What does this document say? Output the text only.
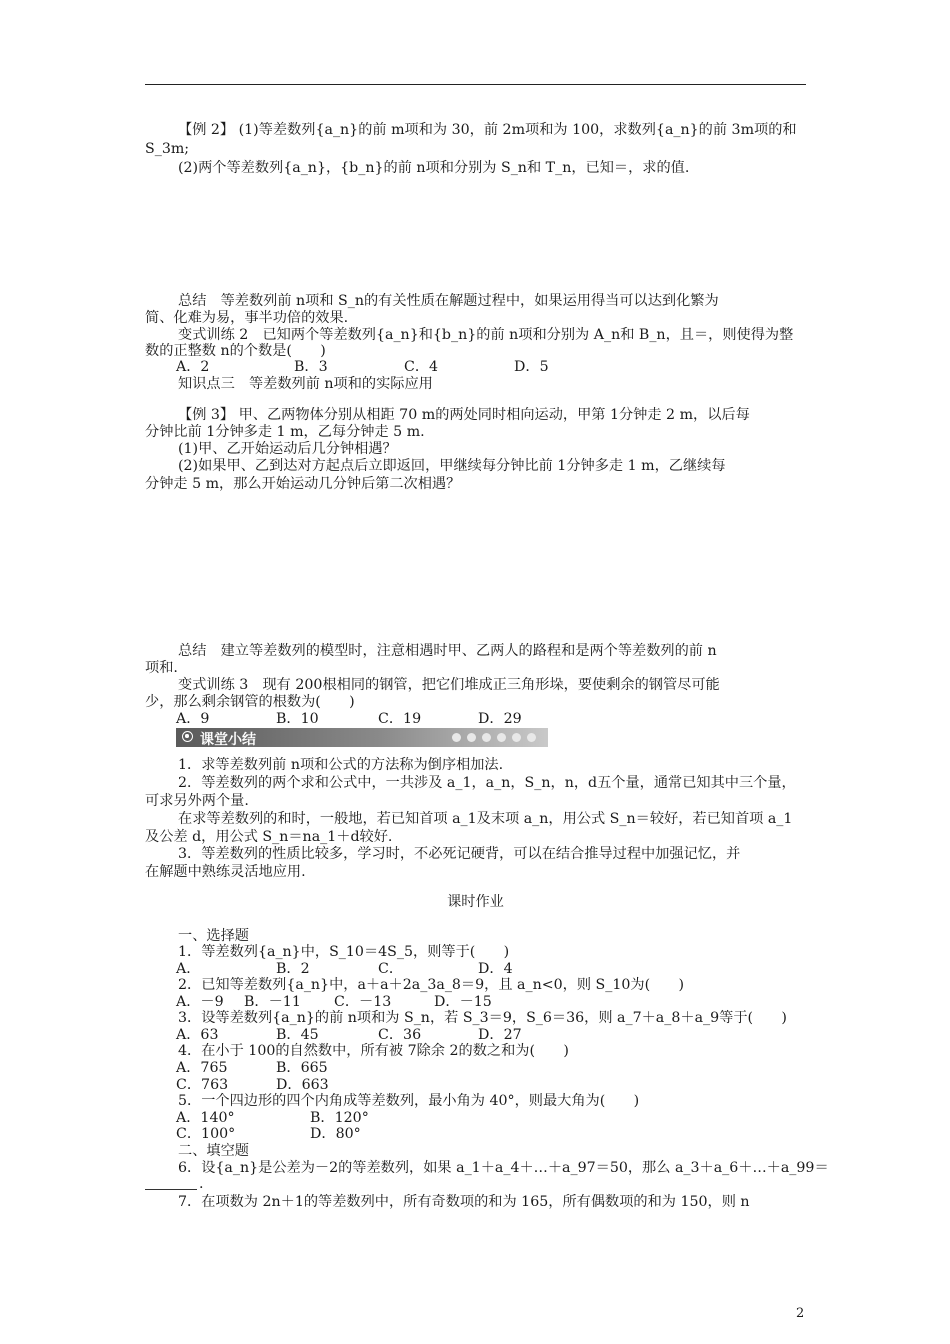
【例 2】 (1)等差数列{a_n}的前 m项和为 30，前 2m项和为 100，求数列{a_n}的前 3m项的和
S_3m;
(2)两个等差数列{a_n}，{b_n}的前 n项和分别为 S_n和 T_n，已知＝，求的值.
总结　等差数列前 n项和 S_n的有关性质在解题过程中，如果运用得当可以达到化繁为
简、化难为易，事半功倍的效果.
变式训练 2　已知两个等差数列{a_n}和{b_n}的前 n项和分别为 A_n和 B_n，且＝，则使得为整
数的正整数 n的个数是(　　)
A．2	B．3	C．4	D．5
知识点三　等差数列前 n项和的实际应用
【例 3】 甲、乙两物体分别从相距 70 m的两处同时相向运动，甲第 1分钟走 2 m，以后每
分钟比前 1分钟多走 1 m，乙每分钟走 5 m.
(1)甲、乙开始运动后几分钟相遇？
(2)如果甲、乙到达对方起点后立即返回，甲继续每分钟比前 1分钟多走 1 m，乙继续每
分钟走 5 m，那么开始运动几分钟后第二次相遇？
总结　建立等差数列的模型时，注意相遇时甲、乙两人的路程和是两个等差数列的前 n
项和.
变式训练 3　现有 200根相同的钢管，把它们堆成正三角形垛，要使剩余的钢管尽可能
少，那么剩余钢管的根数为(　　)
A．9	B．10	C．19	D．29
课堂小结
1．求等差数列前 n项和公式的方法称为倒序相加法.
2．等差数列的两个求和公式中，一共涉及 a_1，a_n，S_n，n，d五个量，通常已知其中三个量，
可求另外两个量.
在求等差数列的和时，一般地，若已知首项 a_1及末项 a_n，用公式 S_n＝较好，若已知首项 a_1
及公差 d，用公式 S_n＝na_1＋d较好.
3．等差数列的性质比较多，学习时，不必死记硬背，可以在结合推导过程中加强记忆，并
在解题中熟练灵活地应用.
课时作业
一、选择题
1．等差数列{a_n}中，S_10＝4S_5，则等于(　　)
A．	B．2	C．	D．4
2．已知等差数列{a_n}中，a＋a＋2a_3a_8＝9，且 a_n<0，则 S_10为(　　)
A．－9	B．－11	C．－13	D．－15
3．设等差数列{a_n}的前 n项和为 S_n，若 S_3＝9，S_6＝36，则 a_7＋a_8＋a_9等于(　　)
A．63	B．45	C．36	D．27
4．在小于 100的自然数中，所有被 7除余 2的数之和为(　　)
A．765	B．665
C．763	D．663
5．一个四边形的四个内角成等差数列，最小角为 40°，则最大角为(　　)
A．140°	B．120°
C．100°	D．80°
二、填空题
6．设{a_n}是公差为－2的等差数列，如果 a_1＋a_4＋…＋a_97＝50，那么 a_3＋a_6＋…＋a_99＝
.
7．在项数为 2n＋1的等差数列中，所有奇数项的和为 165，所有偶数项的和为 150，则 n
2
